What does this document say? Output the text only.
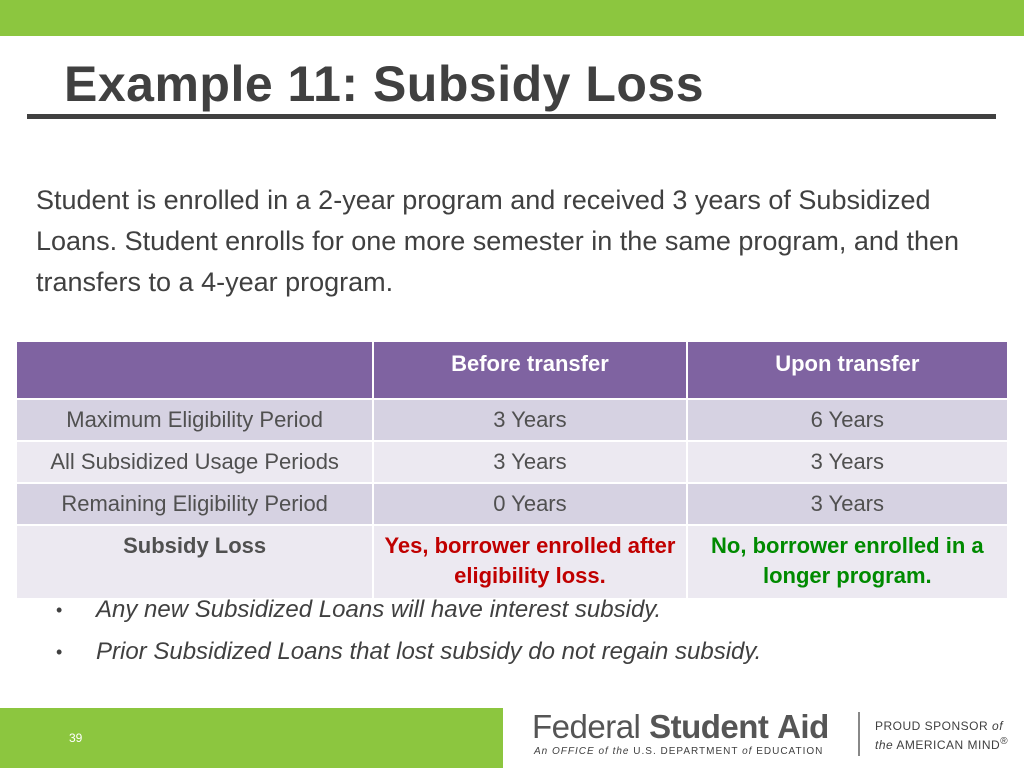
Example 11: Subsidy Loss

Student is enrolled in a 2-year program and received 3 years of Subsidized Loans. Student enrolls for one more semester in the same program, and then transfers to a 4-year program.

	Before transfer	Upon transfer
Maximum Eligibility Period	3 Years	6 Years
All Subsidized Usage Periods	3 Years	3 Years
Remaining Eligibility Period	0 Years	3 Years
Subsidy Loss	Yes, borrower enrolled after eligibility loss.	No, borrower enrolled in a longer program.
• Any new Subsidized Loans will have interest subsidy.
• Prior Subsidized Loans that lost subsidy do not regain subsidy.
39	Federal Student Aid
An OFFICE of the U.S. DEPARTMENT of EDUCATION
PROUD SPONSOR of
the AMERICAN MIND®
